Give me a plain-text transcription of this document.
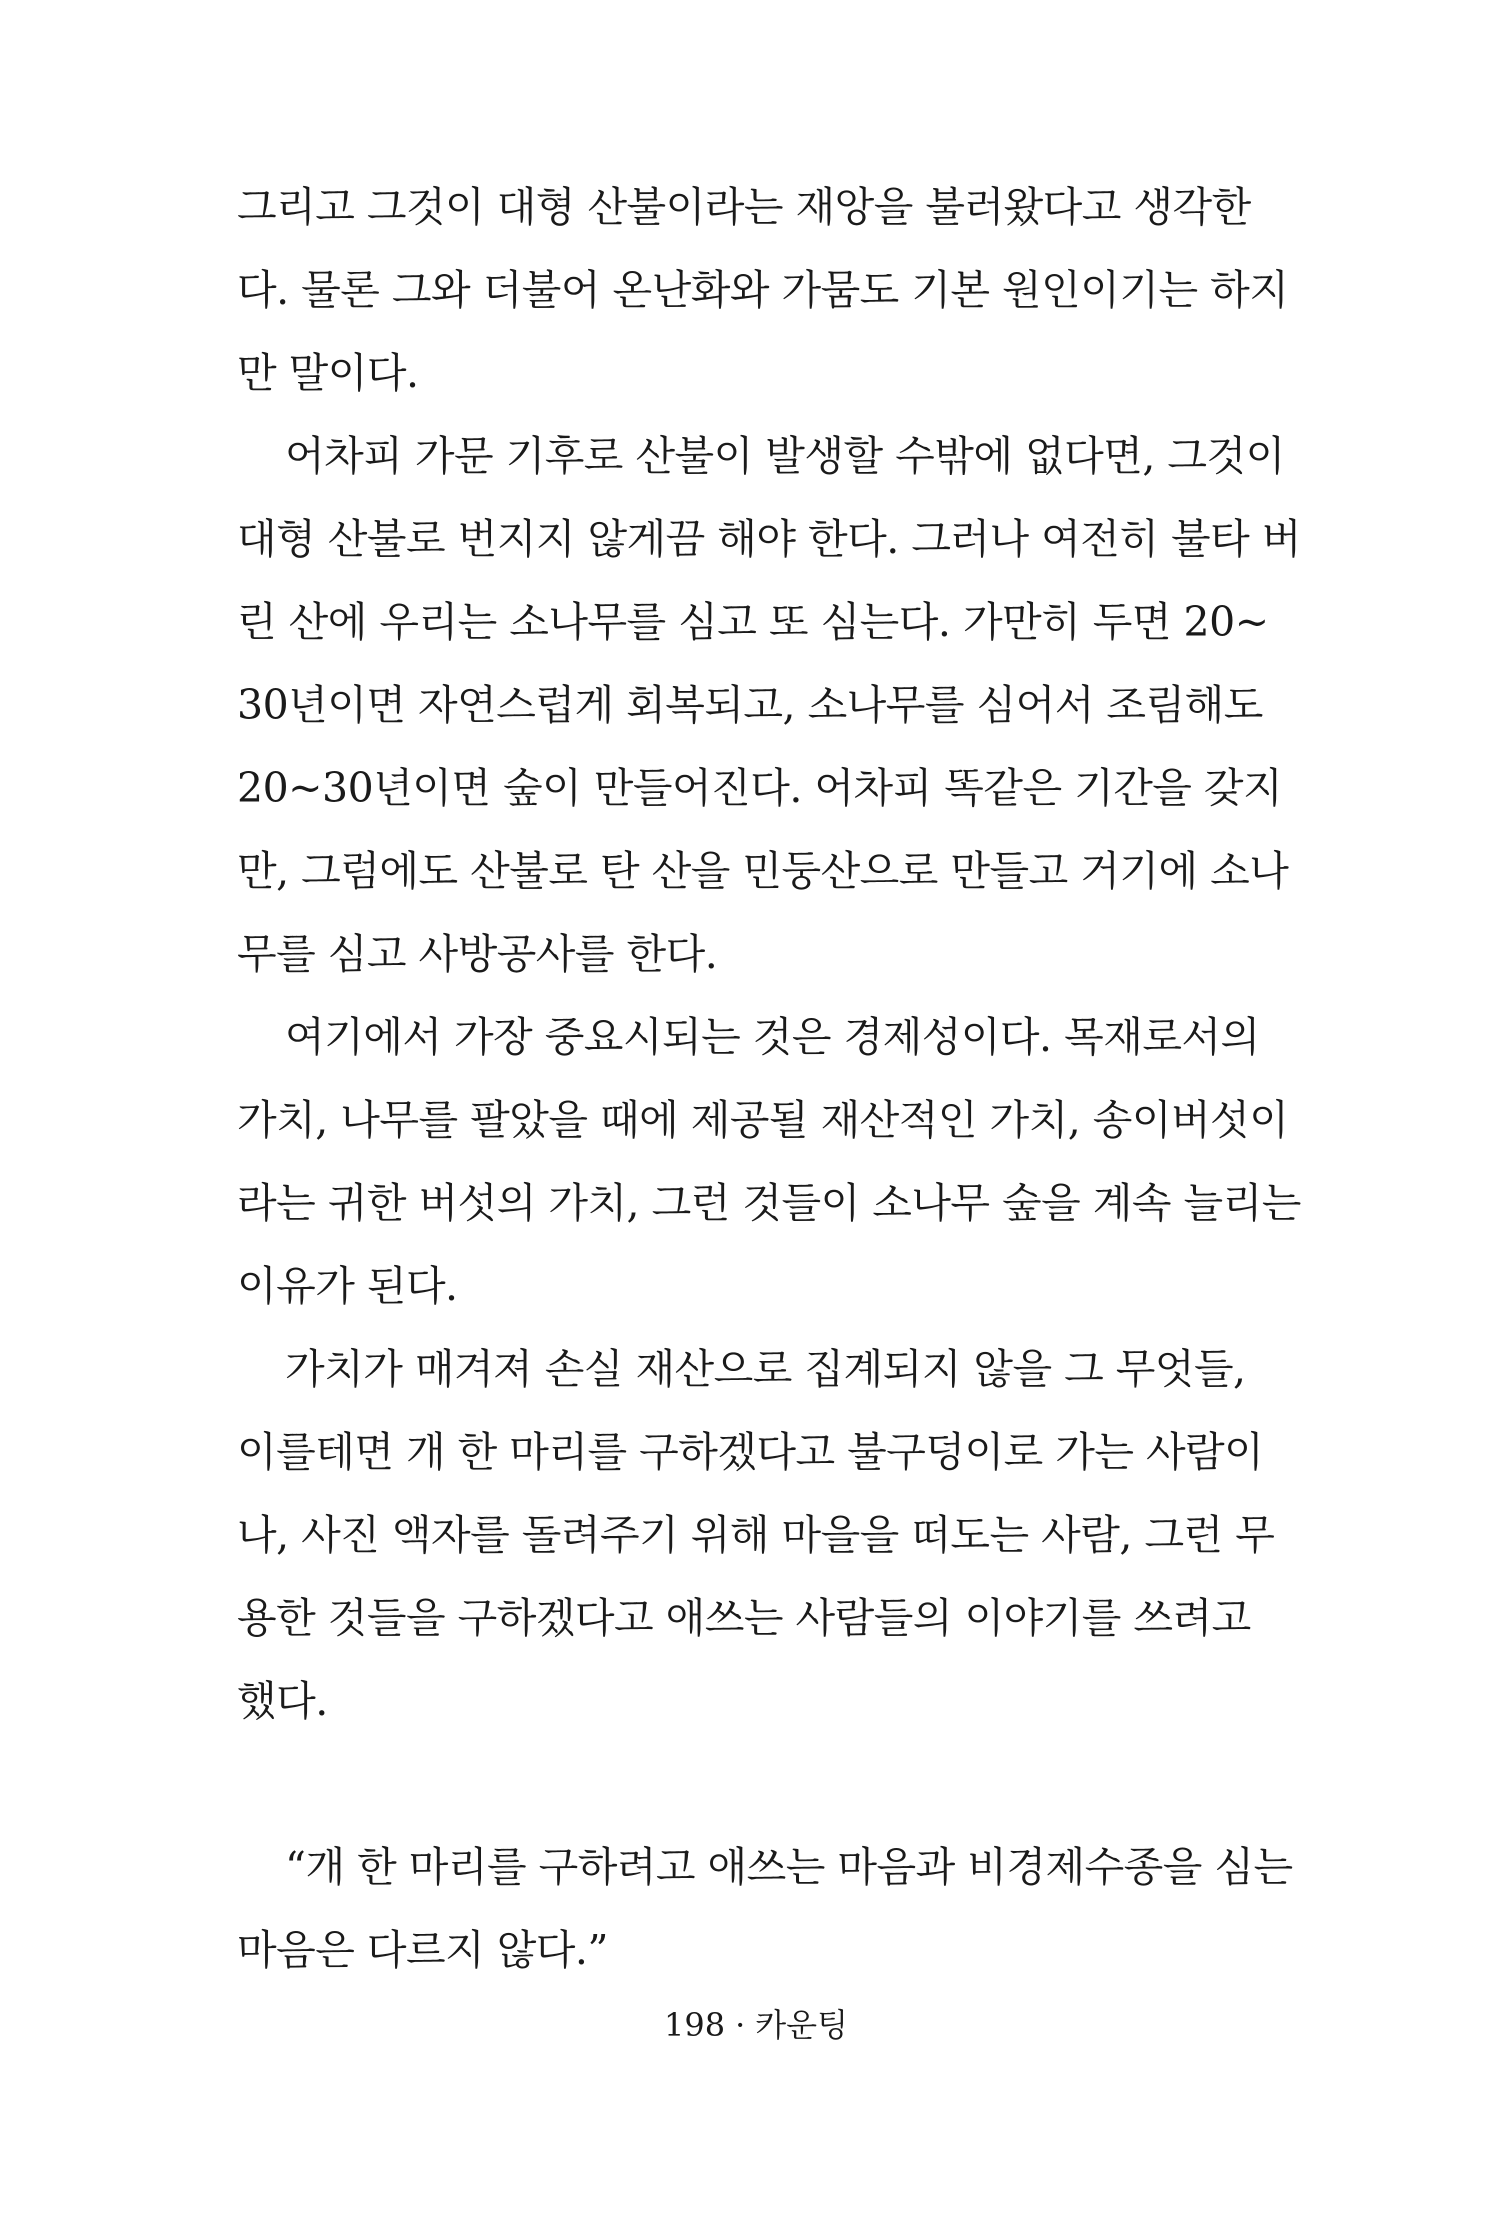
그리고 그것이 대형 산불이라는 재앙을 불러왔다고 생각한
다. 물론 그와 더불어 온난화와 가뭄도 기본 원인이기는 하지
만 말이다.
어차피 가문 기후로 산불이 발생할 수밖에 없다면, 그것이
대형 산불로 번지지 않게끔 해야 한다. 그러나 여전히 불타 버
린 산에 우리는 소나무를 심고 또 심는다. 가만히 두면 20~
30년이면 자연스럽게 회복되고, 소나무를 심어서 조림해도
20~30년이면 숲이 만들어진다. 어차피 똑같은 기간을 갖지
만, 그럼에도 산불로 탄 산을 민둥산으로 만들고 거기에 소나
무를 심고 사방공사를 한다.
여기에서 가장 중요시되는 것은 경제성이다. 목재로서의
가치, 나무를 팔았을 때에 제공될 재산적인 가치, 송이버섯이
라는 귀한 버섯의 가치, 그런 것들이 소나무 숲을 계속 늘리는
이유가 된다.
가치가 매겨져 손실 재산으로 집계되지 않을 그 무엇들,
이를테면 개 한 마리를 구하겠다고 불구덩이로 가는 사람이
나, 사진 액자를 돌려주기 위해 마을을 떠도는 사람, 그런 무
용한 것들을 구하겠다고 애쓰는 사람들의 이야기를 쓰려고
했다.
“개 한 마리를 구하려고 애쓰는 마음과 비경제수종을 심는
마음은 다르지 않다.”
198 · 카운팅
